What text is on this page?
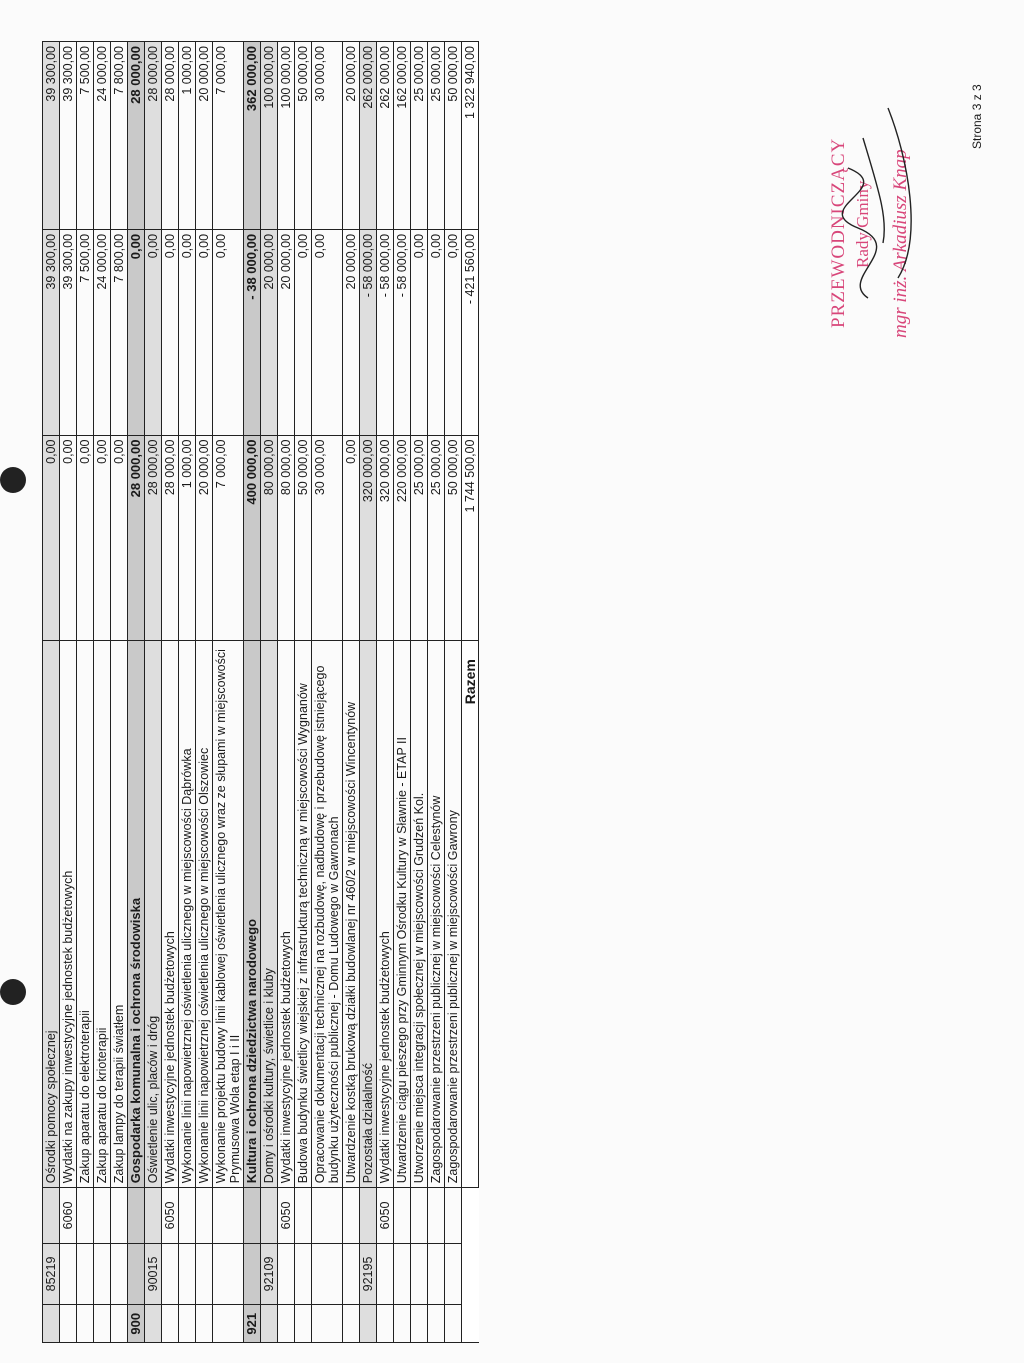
	85219		Ośrodki pomocy społecznej	0,00	39 300,00	39 300,00
		6060	Wydatki na zakupy inwestycyjne jednostek budżetowych	0,00	39 300,00	39 300,00
			Zakup aparatu do elektroterapii	0,00	7 500,00	7 500,00
			Zakup aparatu do krioterapii	0,00	24 000,00	24 000,00
			Zakup lampy do terapii światłem	0,00	7 800,00	7 800,00
900			Gospodarka komunalna i ochrona środowiska	28 000,00	0,00	28 000,00
	90015		Oświetlenie ulic, placów i dróg	28 000,00	0,00	28 000,00
		6050	Wydatki inwestycyjne jednostek budżetowych	28 000,00	0,00	28 000,00
			Wykonanie linii napowietrznej oświetlenia ulicznego w miejscowości Dąbrówka	1 000,00	0,00	1 000,00
			Wykonanie linii napowietrznej oświetlenia ulicznego w miejscowości Olszowiec	20 000,00	0,00	20 000,00
			Wykonanie projektu budowy linii kablowej oświetlenia ulicznego wraz ze słupami w miejscowości Prymusowa Wola etap I i II	7 000,00	0,00	7 000,00
921			Kultura i ochrona dziedzictwa narodowego	400 000,00	- 38 000,00	362 000,00
	92109		Domy i ośrodki kultury, świetlice i kluby	80 000,00	20 000,00	100 000,00
		6050	Wydatki inwestycyjne jednostek budżetowych	80 000,00	20 000,00	100 000,00
			Budowa budynku świetlicy wiejskiej z infrastrukturą techniczną w miejscowości Wygnanów	50 000,00	0,00	50 000,00
			Opracowanie dokumentacji technicznej na rozbudowę, nadbudowę i przebudowę istniejącego budynku użyteczności publicznej - Domu Ludowego w Gawronach	30 000,00	0,00	30 000,00
			Utwardzenie kostką brukową działki budowlanej nr 460/2 w miejscowości Wincentynów	0,00	20 000,00	20 000,00
	92195		Pozostała działalność	320 000,00	- 58 000,00	262 000,00
		6050	Wydatki inwestycyjne jednostek budżetowych	320 000,00	- 58 000,00	262 000,00
			Utwardzenie ciągu pieszego przy Gminnym Ośrodku Kultury w Sławnie - ETAP II	220 000,00	- 58 000,00	162 000,00
			Utworzenie miejsca integracji społecznej w miejscowości Grudzeń Kol.	25 000,00	0,00	25 000,00
			Zagospodarowanie przestrzeni publicznej w miejscowości Celestynów	25 000,00	0,00	25 000,00
			Zagospodarowanie przestrzeni publicznej w miejscowości Gawrony	50 000,00	0,00	50 000,00
			Razem	1 744 500,00	- 421 560,00	1 322 940,00
PRZEWODNICZĄCY Rady Gminy mgr inż. Arkadiusz Knap
Strona 3 z 3
